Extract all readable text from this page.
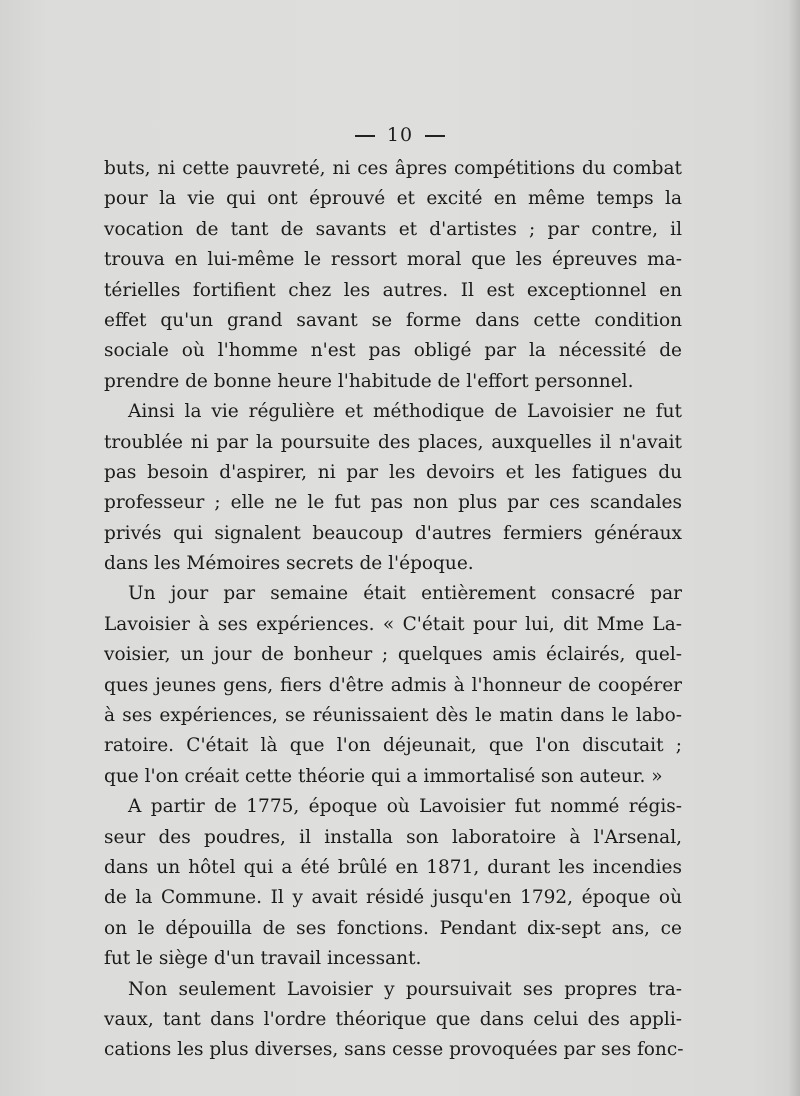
10
buts, ni cette pauvreté, ni ces âpres compétitions du combat
pour la vie qui ont éprouvé et excité en même temps la
vocation de tant de savants et d'artistes ; par contre, il
trouva en lui-même le ressort moral que les épreuves ma-
térielles fortifient chez les autres. Il est exceptionnel en
effet qu'un grand savant se forme dans cette condition
sociale où l'homme n'est pas obligé par la nécessité de
prendre de bonne heure l'habitude de l'effort personnel.
Ainsi la vie régulière et méthodique de Lavoisier ne fut
troublée ni par la poursuite des places, auxquelles il n'avait
pas besoin d'aspirer, ni par les devoirs et les fatigues du
professeur ; elle ne le fut pas non plus par ces scandales
privés qui signalent beaucoup d'autres fermiers généraux
dans les Mémoires secrets de l'époque.
Un jour par semaine était entièrement consacré par
Lavoisier à ses expériences. « C'était pour lui, dit Mme La-
voisier, un jour de bonheur ; quelques amis éclairés, quel-
ques jeunes gens, fiers d'être admis à l'honneur de coopérer
à ses expériences, se réunissaient dès le matin dans le labo-
ratoire. C'était là que l'on déjeunait, que l'on discutait ;
que l'on créait cette théorie qui a immortalisé son auteur. »
A partir de 1775, époque où Lavoisier fut nommé régis-
seur des poudres, il installa son laboratoire à l'Arsenal,
dans un hôtel qui a été brûlé en 1871, durant les incendies
de la Commune. Il y avait résidé jusqu'en 1792, époque où
on le dépouilla de ses fonctions. Pendant dix-sept ans, ce
fut le siège d'un travail incessant.
Non seulement Lavoisier y poursuivait ses propres tra-
vaux, tant dans l'ordre théorique que dans celui des appli-
cations les plus diverses, sans cesse provoquées par ses fonc-
